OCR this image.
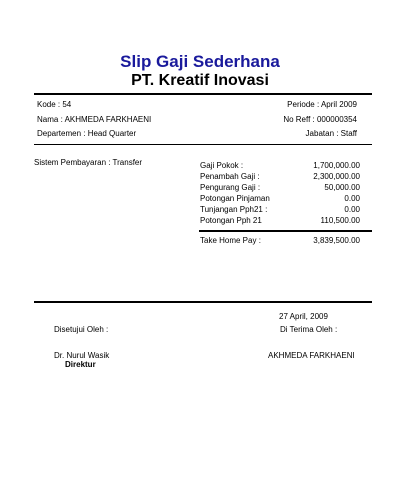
Slip Gaji Sederhana
PT. Kreatif Inovasi
Kode : 54
Nama : AKHMEDA FARKHAENI
Departemen : Head Quarter
Periode : April 2009
No Reff : 000000354
Jabatan : Staff
Sistem Pembayaran : Transfer	Gaji Pokok :	1,700,000.00
Penambah Gaji :	2,300,000.00
Pengurang Gaji :	50,000.00
Potongan Pinjaman	0.00
Tunjangan Pph21 :	0.00
Potongan Pph 21	110,500.00
Take Home Pay :	3,839,500.00
27 April, 2009
Disetujui Oleh :	Di Terima Oleh :
Dr. Nurul Wasik
Direktur
AKHMEDA FARKHAENI
